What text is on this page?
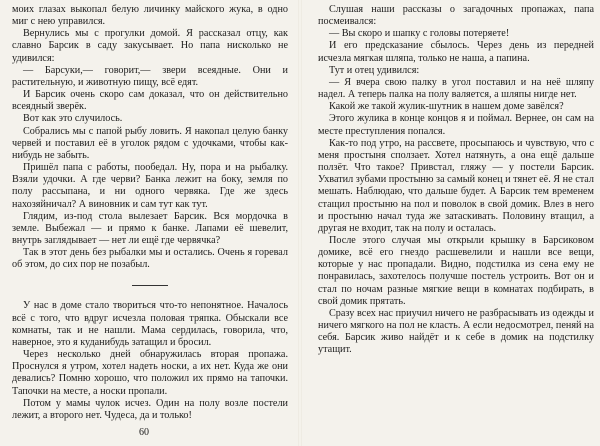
моих глазах выкопал белую личинку майского жука, в одно миг с нею управился.

Вернулись мы с прогулки домой. Я рассказал отцу, как славно Барсик в саду закусывает. Но папа нисколько не удивился:

— Барсуки,— говорит,— звери всеядные. Они и растительную, и животную пищу, всё едят.

И Барсик очень скоро сам доказал, что он действительно всеядный зверёк.

Вот как это случилось.

Собрались мы с папой рыбу ловить. Я накопал целую банку червей и поставил её в уголок рядом с удочками, чтобы как-нибудь не забыть.

Пришёл папа с работы, пообедал. Ну, пора и на рыбалку. Взяли удочки. А где черви? Банка лежит на боку, земля по полу рассыпана, и ни одного червяка. Где же здесь нахозяйничал? А виновник и сам тут как тут.

Глядим, из-под стола вылезает Барсик. Вся мордочка в земле. Выбежал — и прямо к банке. Лапами её шевелит, внутрь заглядывает — нет ли ещё где червячка?

Так в этот день без рыбалки мы и остались. Очень я горевал об этом, до сих пор не позабыл.

У нас в доме стало твориться что-то непонятное. Началось всё с того, что вдруг исчезла половая тряпка. Обыскали все комнаты, так и не нашли. Мама сердилась, говорила, что, наверное, это я куданибудь затащил и бросил.

Через несколько дней обнаружилась вторая пропажа. Проснулся я утром, хотел надеть носки, а их нет. Куда же они девались? Помню хорошо, что положил их прямо на тапочки. Тапочки на месте, а носки пропали.

Потом у мамы чулок исчез. Один на полу возле постели лежит, а второго нет. Чудеса, да и только!

60

Слушая наши рассказы о загадочных пропажах, папа посмеивался:

— Вы скоро и шапку с головы потеряете!

И его предсказание сбылось. Через день из передней исчезла мягкая шляпа, только не наша, а папина.

Тут и отец удивился:

— Я вчера свою палку в угол поставил и на неё шляпу надел. А теперь палка на полу валяется, а шляпы нигде нет.

Какой же такой жулик-шутник в нашем доме завёлся?

Этого жулика в конце концов я и поймал. Вернее, он сам на месте преступления попался.

Как-то под утро, на рассвете, просыпаюсь и чувствую, что с меня простыня сползает. Хотел натянуть, а она ещё дальше ползёт. Что такое? Привстал, гляжу — у постели Барсик. Ухватил зубами простыню за самый конец и тянет её. Я не стал мешать. Наблюдаю, что дальше будет. А Барсик тем временем стащил простыню на пол и поволок в свой домик. Влез в него и простыню начал туда же затаскивать. Половину втащил, а другая не входит, так на полу и осталась.

После этого случая мы открыли крышку в Барсиковом домике, всё его гнездо расшевелили и нашли все вещи, которые у нас пропадали. Видно, подстилка из сена ему не понравилась, захотелось получше постель устроить. Вот он и стал по ночам разные мягкие вещи в комнатах подбирать, в свой домик прятать.

Сразу всех нас приучил ничего не разбрасывать из одежды и ничего мягкого на пол не класть. А если недосмотрел, пеняй на себя. Барсик живо найдёт и к себе в домик на подстилку утащит.
